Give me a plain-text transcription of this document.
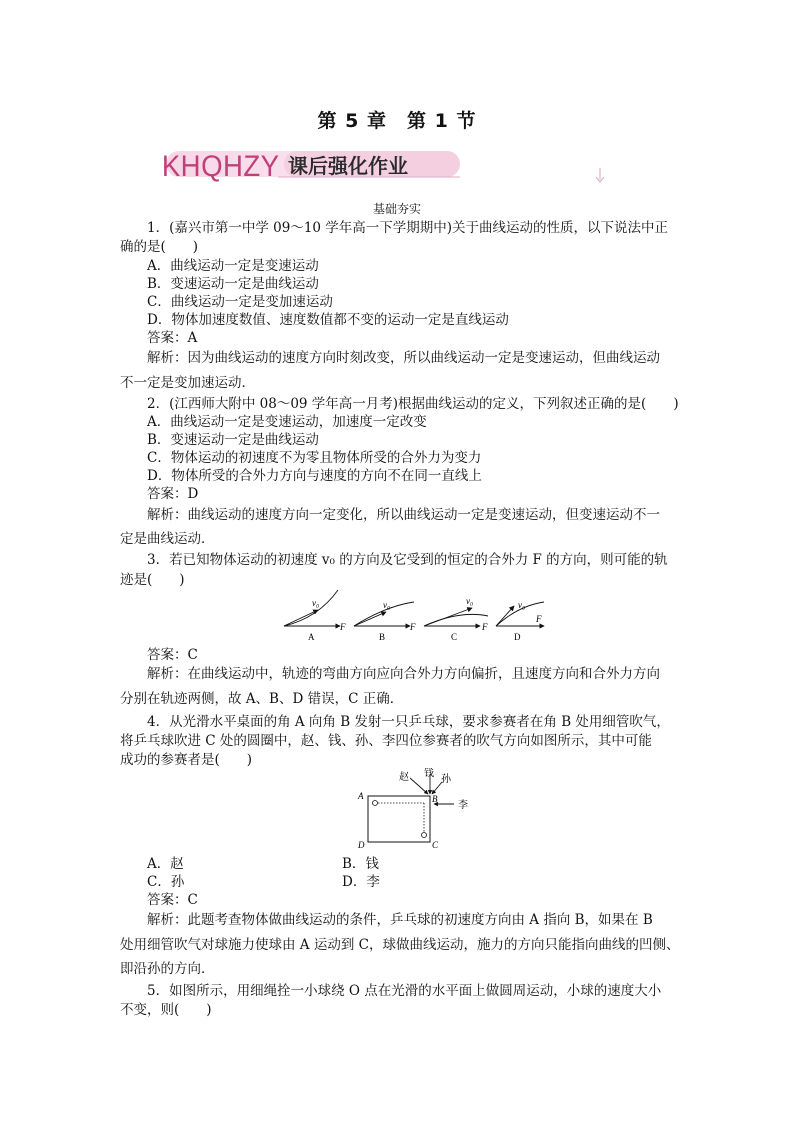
第 5 章　第 1 节
KHQHZY 课后强化作业
基础夯实
1．(嘉兴市第一中学 09～10 学年高一下学期期中)关于曲线运动的性质，以下说法中正
确的是(　　)
A．曲线运动一定是变速运动
B．变速运动一定是曲线运动
C．曲线运动一定是变加速运动
D．物体加速度数值、速度数值都不变的运动一定是直线运动
答案：A
解析：因为曲线运动的速度方向时刻改变，所以曲线运动一定是变速运动，但曲线运动
不一定是变加速运动．
2．(江西师大附中 08～09 学年高一月考)根据曲线运动的定义，下列叙述正确的是(　　)
A．曲线运动一定是变速运动，加速度一定改变
B．变速运动一定是曲线运动
C．物体运动的初速度不为零且物体所受的合外力为变力
D．物体所受的合外力方向与速度的方向不在同一直线上
答案：D
解析：曲线运动的速度方向一定变化，所以曲线运动一定是变速运动，但变速运动不一
定是曲线运动．
3．若已知物体运动的初速度 v₀ 的方向及它受到的恒定的合外力 F 的方向，则可能的轨
迹是(　　)
v₀
F
A
v₀
F
B
v₀
F
C
v₀
F
D
答案：C
解析：在曲线运动中，轨迹的弯曲方向应向合外力方向偏折，且速度方向和合外力方向
分别在轨迹两侧，故 A、B、D 错误，C 正确．
4．从光滑水平桌面的角 A 向角 B 发射一只乒乓球，要求参赛者在角 B 处用细管吹气，
将乒乓球吹进 C 处的圆圈中，赵、钱、孙、李四位参赛者的吹气方向如图所示，其中可能
成功的参赛者是(　　)
赵 钱
孙
李
A	B
C
D
A．赵	B．钱
C．孙	D．李
答案：C
解析：此题考查物体做曲线运动的条件，乒乓球的初速度方向由 A 指向 B，如果在 B
处用细管吹气对球施力使球由 A 运动到 C，球做曲线运动，施力的方向只能指向曲线的凹侧、
即沿孙的方向．
5．如图所示，用细绳拴一小球绕 O 点在光滑的水平面上做圆周运动，小球的速度大小
不变，则(　　)
